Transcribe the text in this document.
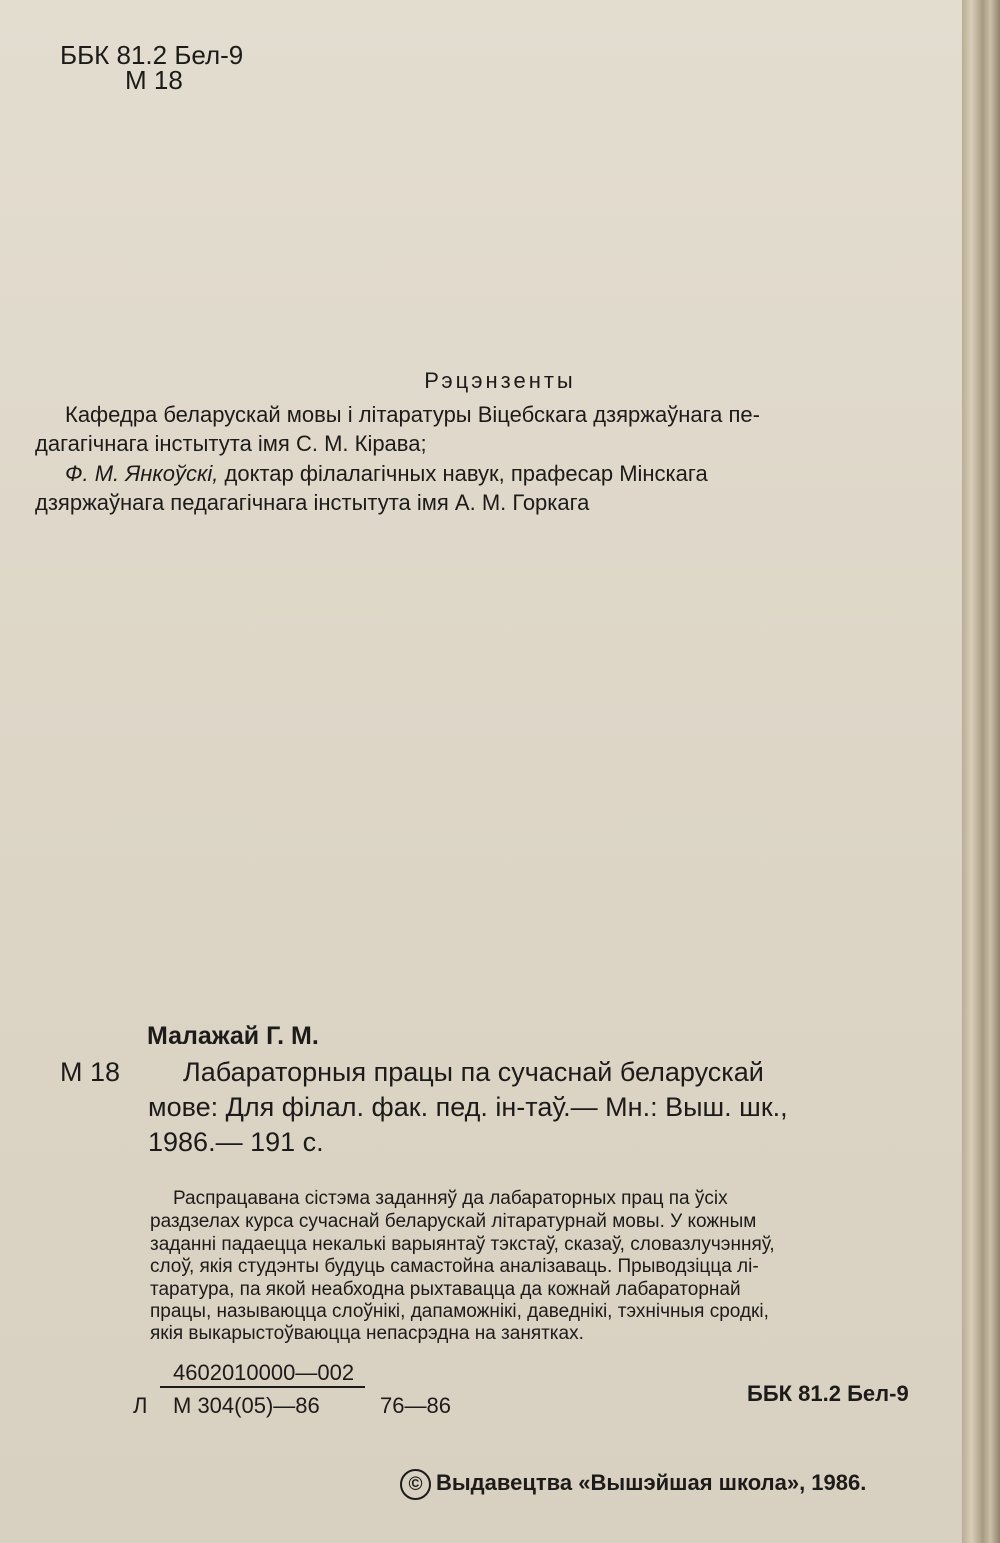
ББК 81.2 Бел-9
М 18
Рэцэнзенты
Кафедра беларускай мовы і літаратуры Віцебскага дзяржаўнага пе-
дагагічнага інстытута імя С. М. Кірава;
Ф. М. Янкоўскі, доктар філалагічных навук, прафесар Мінскага
дзяржаўнага педагагічнага інстытута імя А. М. Горкага
Малажай Г. М.
М 18 Лабараторныя працы па сучаснай беларускай
мове: Для філал. фак. пед. ін-таў.— Мн.: Выш. шк.,
1986.— 191 с.
Распрацавана сістэма заданняў да лабараторных прац па ўсіх
раздзелах курса сучаснай беларускай літаратурнай мовы. У кожным
заданні падаецца некалькі варыянтаў тэкстаў, сказаў, словазлучэнняў,
слоў, якія студэнты будуць самастойна аналізаваць. Прыводзіцца лі-
таратура, па якой неабходна рыхтавацца да кожнай лабараторнай
працы, называюцца слоўнікі, дапаможнікі, даведнікі, тэхнічныя сродкі,
якія выкарыстоўваюцца непасрэдна на занятках.
Л
4602010000—002
М 304(05)—86	76—86	ББК 81.2 Бел-9
© Выдавецтва «Вышэйшая школа», 1986.
